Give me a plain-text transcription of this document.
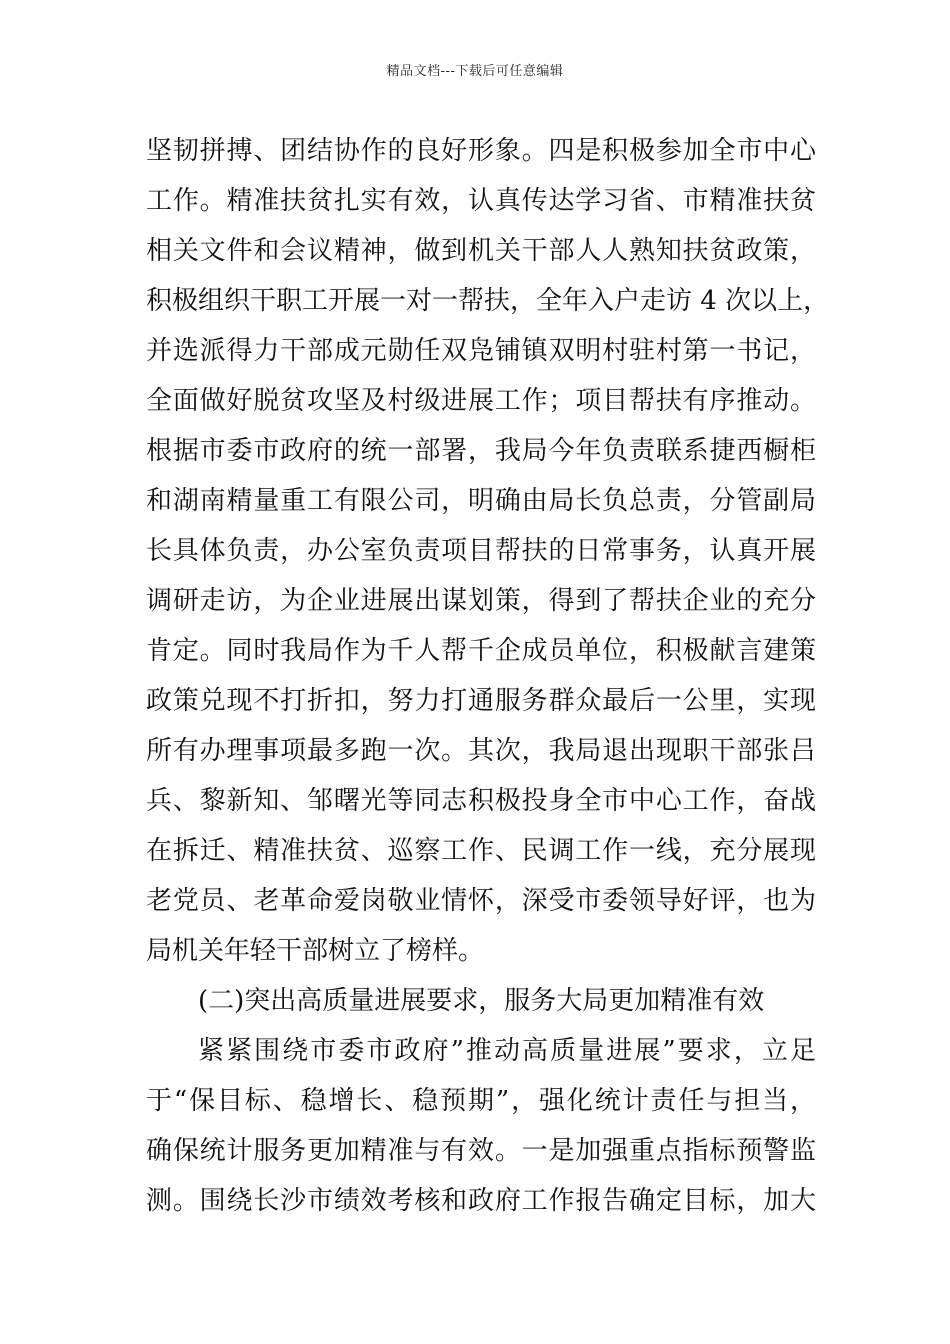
精品文档---下载后可任意编辑
坚韧拼搏、团结协作的良好形象。四是积极参加全市中心
工作。精准扶贫扎实有效，认真传达学习省、市精准扶贫
相关文件和会议精神，做到机关干部人人熟知扶贫政策，
积极组织干职工开展一对一帮扶，全年入户走访 4 次以上，
并选派得力干部成元勋任双凫铺镇双明村驻村第一书记，
全面做好脱贫攻坚及村级进展工作；项目帮扶有序推动。
根据市委市政府的统一部署，我局今年负责联系捷西橱柜
和湖南精量重工有限公司，明确由局长负总责，分管副局
长具体负责，办公室负责项目帮扶的日常事务，认真开展
调研走访，为企业进展出谋划策，得到了帮扶企业的充分
肯定。同时我局作为千人帮千企成员单位，积极献言建策
政策兑现不打折扣，努力打通服务群众最后一公里，实现
所有办理事项最多跑一次。其次，我局退出现职干部张吕
兵、黎新知、邹曙光等同志积极投身全市中心工作，奋战
在拆迁、精准扶贫、巡察工作、民调工作一线，充分展现
老党员、老革命爱岗敬业情怀，深受市委领导好评，也为
局机关年轻干部树立了榜样。
(二)突出高质量进展要求，服务大局更加精准有效
紧紧围绕市委市政府”推动高质量进展”要求，立足
于“保目标、稳增长、稳预期”，强化统计责任与担当，
确保统计服务更加精准与有效。一是加强重点指标预警监
测。围绕长沙市绩效考核和政府工作报告确定目标，加大
